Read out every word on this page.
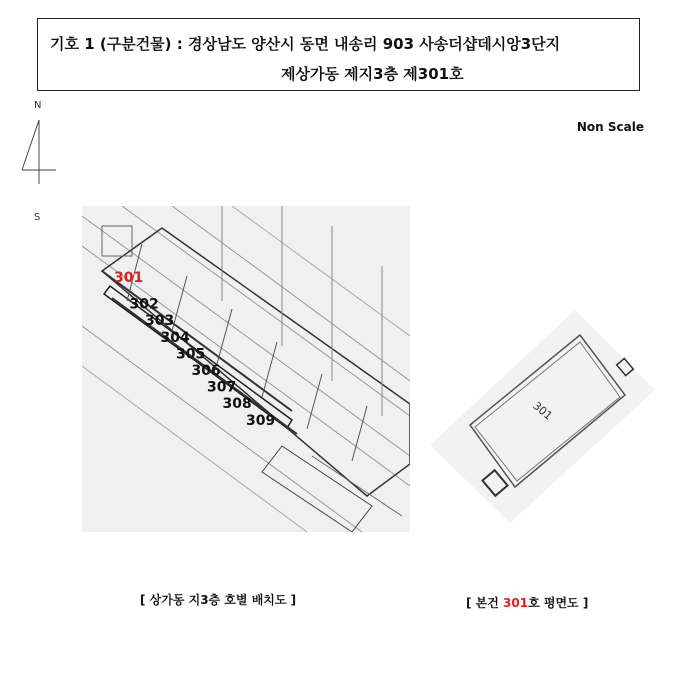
기호 1 (구분건물) : 경상남도 양산시 동면 내송리 903 사송더샵데시앙3단지
제상가동 제지3층 제301호
N
S
Non Scale
301
302
303
304
305
306
307
308
309	301
[ 상가동 지3층 호별 배치도 ]	[ 본건 301호 평면도 ]
